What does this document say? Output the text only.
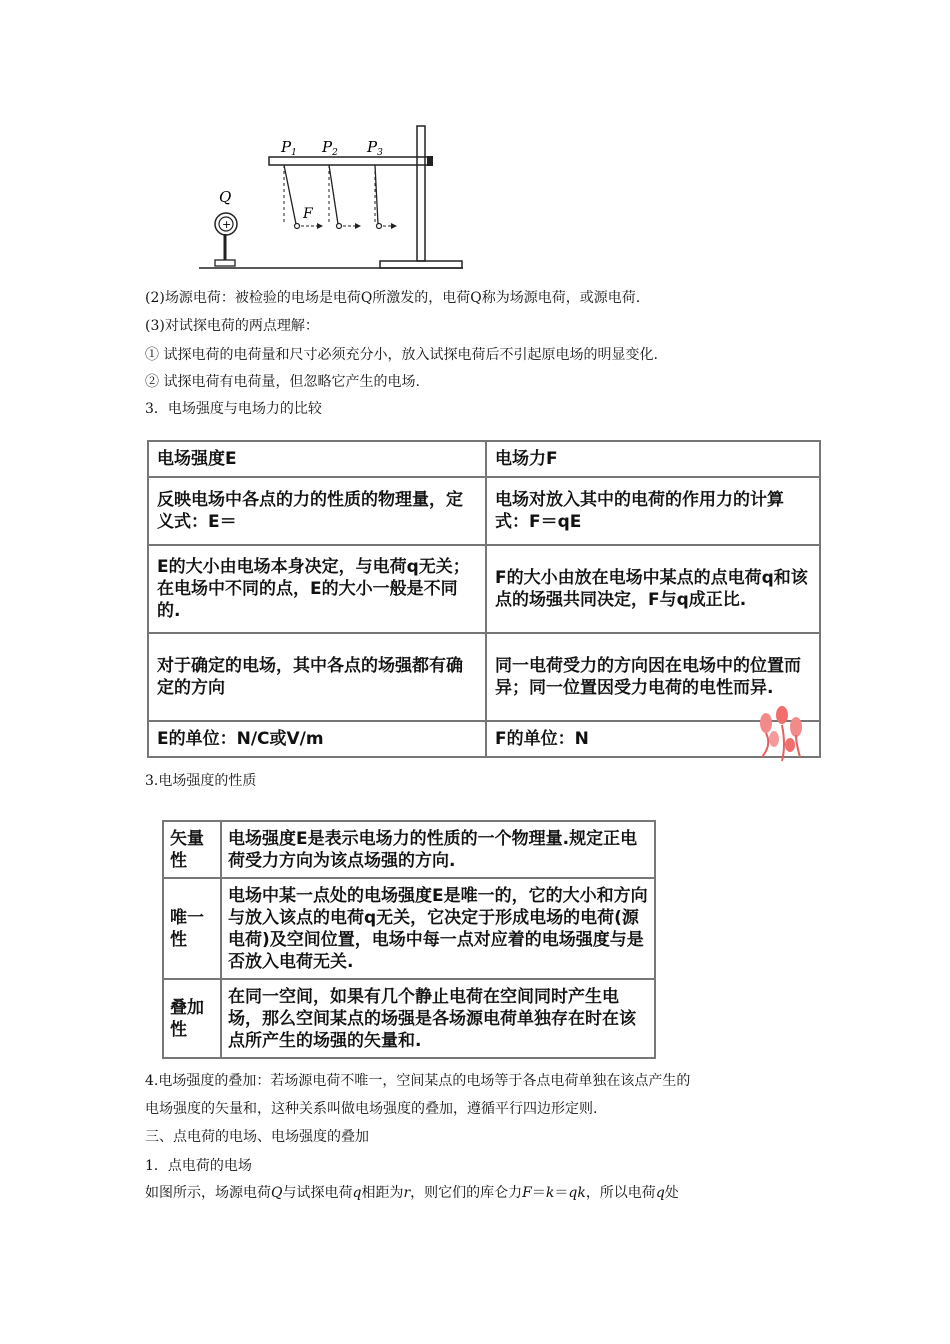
$P_1$ $P_2$ $P_3$
Q
+
F
(2)场源电荷：被检验的电场是电荷Q所激发的，电荷Q称为场源电荷，或源电荷.
(3)对试探电荷的两点理解：
① 试探电荷的电荷量和尺寸必须充分小，放入试探电荷后不引起原电场的明显变化.
② 试探电荷有电荷量，但忽略它产生的电场.
3．电场强度与电场力的比较
电场强度E	电场力F
反映电场中各点的力的性质的物理量，定义式：E＝	电场对放入其中的电荷的作用力的计算式：F＝qE
E的大小由电场本身决定，与电荷q无关；在电场中不同的点，E的大小一般是不同的.	F的大小由放在电场中某点的点电荷q和该点的场强共同决定，F与q成正比.
对于确定的电场，其中各点的场强都有确定的方向	同一电荷受力的方向因在电场中的位置而异；同一位置因受力电荷的电性而异.
E的单位：N/C或V/m	F的单位：N
3.电场强度的性质
矢量性	电场强度E是表示电场力的性质的一个物理量.规定正电荷受力方向为该点场强的方向.
唯一性	电场中某一点处的电场强度E是唯一的，它的大小和方向与放入该点的电荷q无关，它决定于形成电场的电荷(源电荷)及空间位置，电场中每一点对应着的电场强度与是否放入电荷无关.
叠加性	在同一空间，如果有几个静止电荷在空间同时产生电场，那么空间某点的场强是各场源电荷单独存在时在该点所产生的场强的矢量和.
4.电场强度的叠加：若场源电荷不唯一，空间某点的电场等于各点电荷单独在该点产生的
电场强度的矢量和，这种关系叫做电场强度的叠加，遵循平行四边形定则.
三、点电荷的电场、电场强度的叠加
1．点电荷的电场
如图所示，场源电荷Q与试探电荷q相距为r，则它们的库仑力F＝k＝qk，所以电荷q处
